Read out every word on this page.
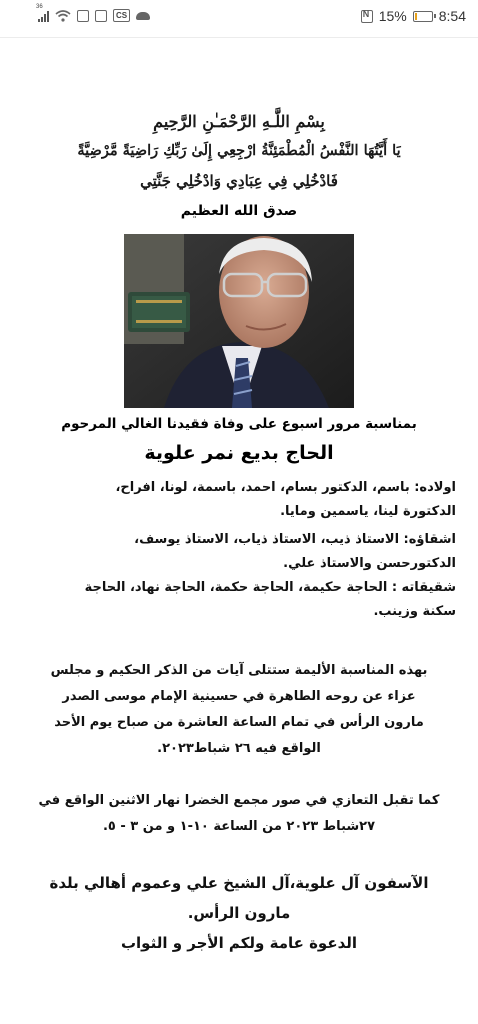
36
CS
N	15% 8:54
بِسْمِ اللَّـهِ الرَّحْمَـٰنِ الرَّحِيمِ
يَا أَيَّتُهَا النَّفْسُ الْمُطْمَئِنَّةُ ارْجِعِي إِلَىٰ رَبِّكِ رَاضِيَةً مَّرْضِيَّةً
فَادْخُلِي فِي عِبَادِي وَادْخُلِي جَنَّتِي
صدق الله العظيم
بمناسبة مرور اسبوع على وفاة فقيدنا الغالي المرحوم
الحاج بديع نمر علوية
اولاده: باسم، الدكتور بسام، احمد، باسمة، لونا، افراح،
الدكتورة لينا، ياسمين ومايا.
اشقاؤه: الاستاذ ذيب، الاستاذ ذياب، الاستاذ يوسف،
الدكتورحسن والاستاذ علي.
شقيقاته : الحاجة حكيمة، الحاجة حكمة، الحاجة نهاد، الحاجة
سكنة وزينب.
بهذه المناسبة الأليمة ستتلى آيات من الذكر الحكيم و مجلس
عزاء عن روحه الطاهرة في حسينية الإمام موسى الصدر
مارون الرأس في تمام الساعة العاشرة من صباح يوم الأحد
الواقع فيه ٢٦ شباط٢٠٢٣.
كما تقبل التعازي في صور مجمع الخضرا نهار الاثنين الواقع في
٢٧شباط ٢٠٢٣ من الساعة ١٠-١ و من ٣ - ٥.
الآسفون آل علوية،آل الشيخ علي وعموم أهالي بلدة
مارون الرأس.
الدعوة عامة ولكم الأجر و الثواب
